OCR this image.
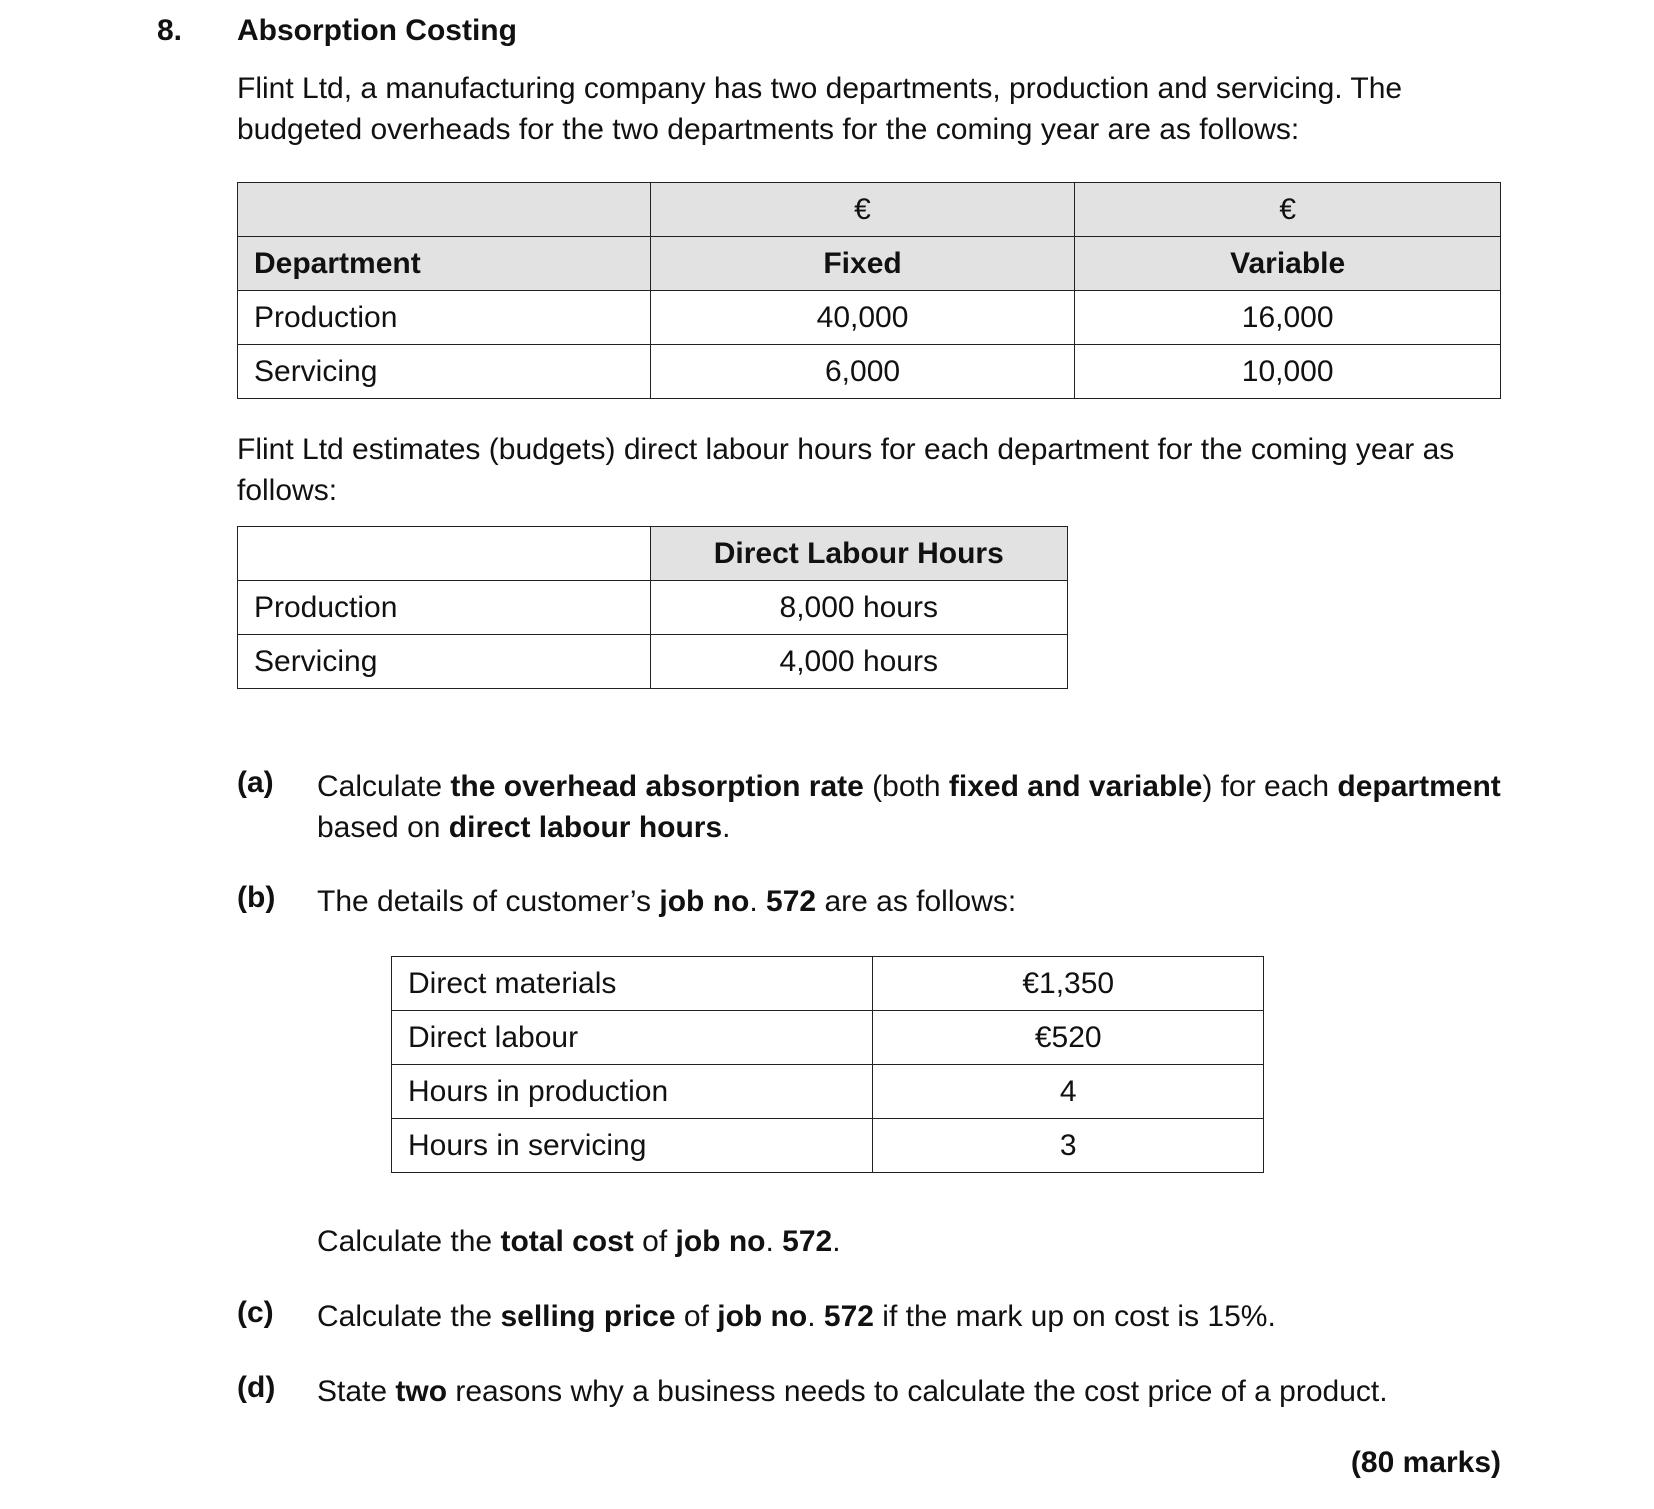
8. Absorption Costing

Flint Ltd, a manufacturing company has two departments, production and servicing. The

budgeted overheads for the two departments for the coming year are as follows:

	€	€
Department	Fixed	Variable
Production	40,000	16,000
Servicing	6,000	10,000

Flint Ltd estimates (budgets) direct labour hours for each department for the coming year as

follows:

	Direct Labour Hours
Production	8,000 hours
Servicing	4,000 hours
(a) Calculate the overhead absorption rate (both fixed and variable) for each department

based on direct labour hours.

(b) The details of customer’s job no. 572 are as follows:

Direct materials	€1,350
Direct labour	€520
Hours in production	4
Hours in servicing	3

Calculate the total cost of job no. 572.

(c) Calculate the selling price of job no. 572 if the mark up on cost is 15%.

(d) State two reasons why a business needs to calculate the cost price of a product.

(80 marks)
